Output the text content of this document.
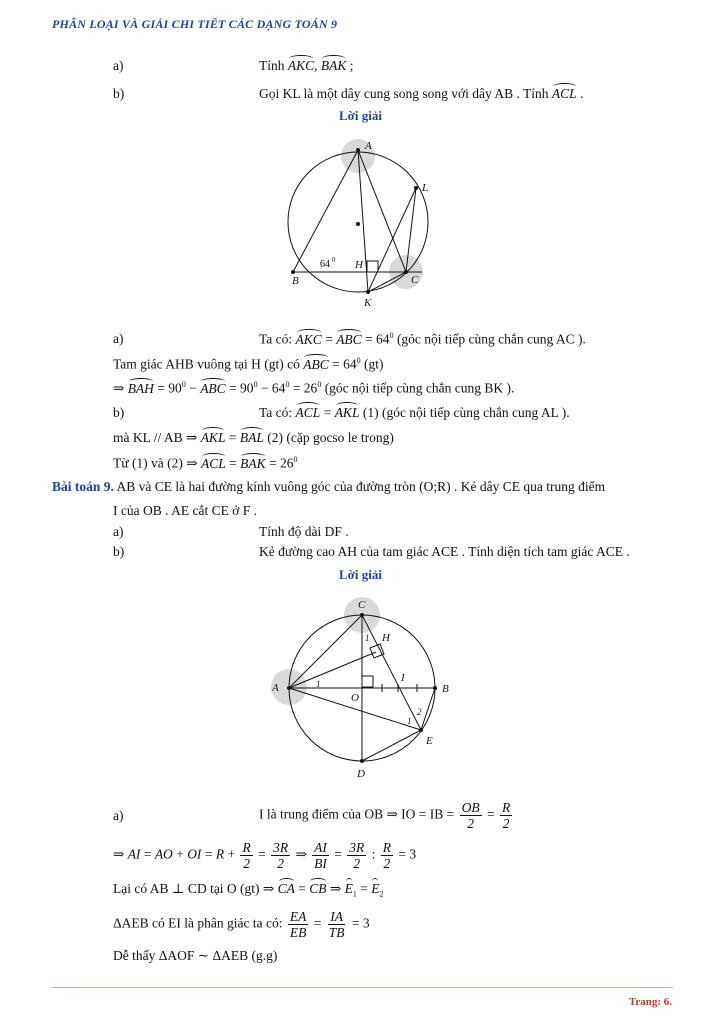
PHÂN LOẠI VÀ GIẢI CHI TIẾT CÁC DẠNG TOÁN 9
a)	Tính AKC, BAK ;
b)	Gọi KL là một dây cung song song với dây AB . Tính ACL .
Lời giải
A
B	C
K
L
H
64 0
a)	Ta có: AKC = ABC = $64^0$ (góc nội tiếp cùng chắn cung AC ).
Tam giác AHB vuông tại H (gt) có ABC = $64^0$ (gt)
⇒ BAH = $90^0$ − ABC = $90^0 - 64^0 = 26^0$ (góc nội tiếp cùng chắn cung BK ).
b)	Ta có: ACL = AKL (1) (góc nội tiếp cùng chắn cung AL ).
mà KL // AB ⇒ AKL = BAL (2) (cặp gocso le trong)
Từ (1) và (2) ⇒ ACL = BAK = $26^0$
Bài toán 9. AB và CE là hai đường kính vuông góc của đường tròn (O;R) . Kẻ dây CE qua trung điểm
I của OB . AE cắt CE ở F .
a)	Tính độ dài DF .
b)	Kẻ đường cao AH của tam giác ACE . Tính diện tích tam giác ACE .
Lời giải
C
A	B
D
E
O
I
H
1
1
1
2
a)	I là trung điểm của OB ⇒ IO = IB = $\frac{OB}{2} = \frac{R}{2}$
⇒ AI = AO + OI = $R + \frac{R}{2} = \frac{3R}{2}$ ⇒ $\frac{AI}{BI} = \frac{3R}{2}$ : $\frac{R}{2} = 3$
Lại có AB ⊥ CD tại O (gt) ⇒ CA = CB ⇒ $E_1 = E_2$
ΔAEB có EI là phân giác ta có: $\frac{EA}{EB} = \frac{IA}{TB} = 3$
Dễ thấy ΔAOF ∼ ΔAEB (g.g)
Trang: 6.
